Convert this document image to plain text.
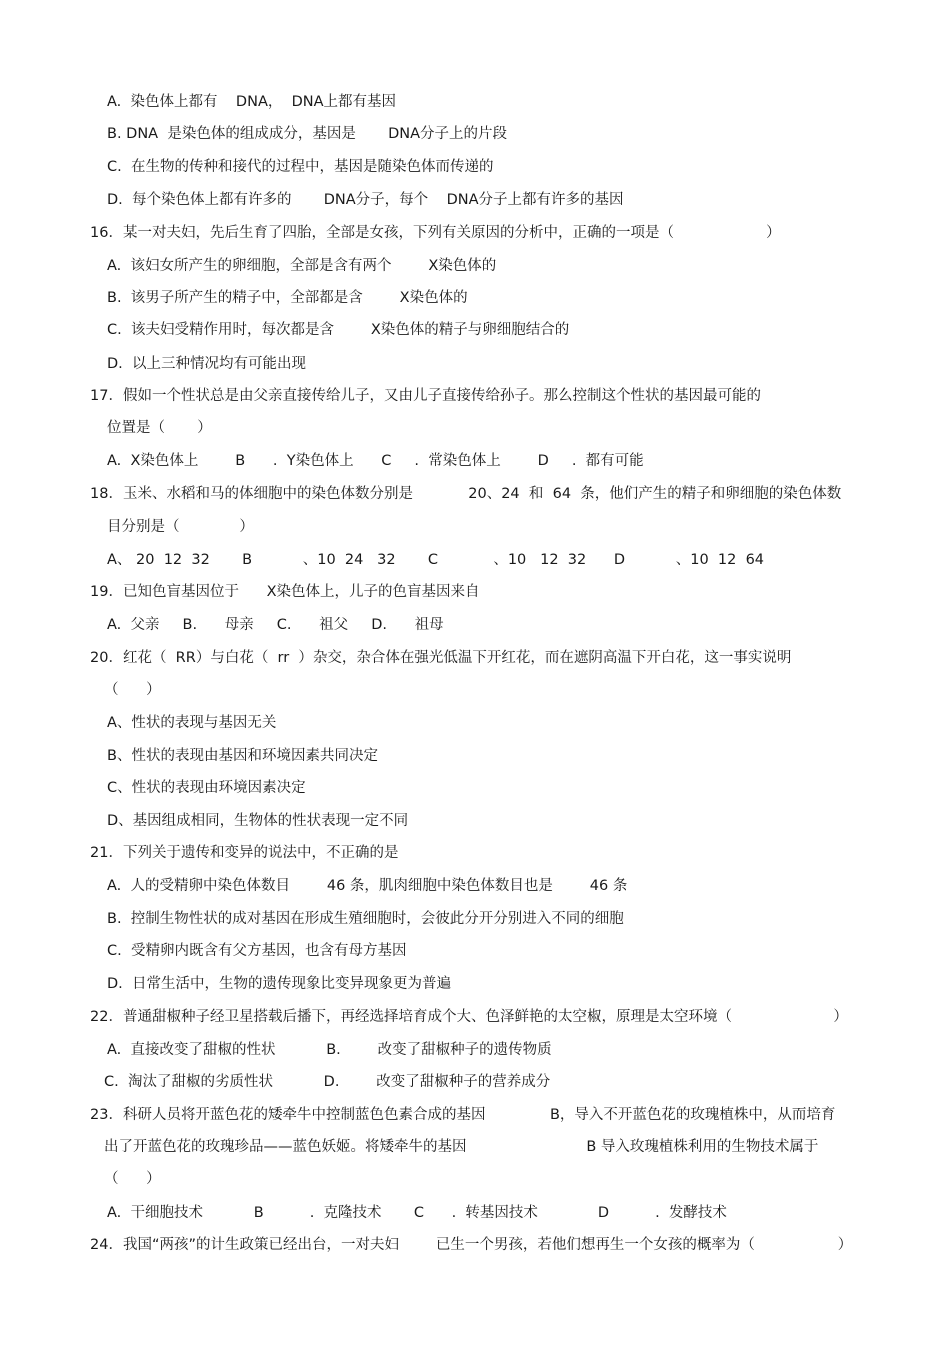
A.  染色体上都有    DNA，  DNA上都有基因
B. DNA  是染色体的组成成分，基因是       DNA分子上的片段
C.  在生物的传种和接代的过程中，基因是随染色体而传递的
D.  每个染色体上都有许多的       DNA分子，每个    DNA分子上都有许多的基因
16．某一对夫妇，先后生育了四胎，全部是女孩，下列有关原因的分析中，正确的一项是（                    ）
A.  该妇女所产生的卵细胞，全部是含有两个        X染色体的
B.  该男子所产生的精子中，全部都是含        X染色体的
C.  该夫妇受精作用时，每次都是含        X染色体的精子与卵细胞结合的
D.  以上三种情况均有可能出现
17．假如一个性状总是由父亲直接传给儿子，又由儿子直接传给孙子。那么控制这个性状的基因最可能的
位置是（       ）
A.  X染色体上        B      .  Y染色体上      C     .  常染色体上        D     .  都有可能
18．玉米、水稻和马的体细胞中的染色体数分别是            20、24  和  64  条，他们产生的精子和卵细胞的染色体数
目分别是（             ）
A、 20  12  32       B           、10  24   32       C            、10   12  32      D           、10  12  64
19．已知色盲基因位于      X染色体上，儿子的色盲基因来自
A.  父亲     B.      母亲     C.      祖父     D.      祖母
20．红花（  RR）与白花（  rr  ）杂交，杂合体在强光低温下开红花，而在遮阴高温下开白花，这一事实说明
（      ）
A、性状的表现与基因无关
B、性状的表现由基因和环境因素共同决定
C、性状的表现由环境因素决定
D、基因组成相同，生物体的性状表现一定不同
21．下列关于遗传和变异的说法中，不正确的是
A.  人的受精卵中染色体数目        46 条，肌肉细胞中染色体数目也是        46 条
B.  控制生物性状的成对基因在形成生殖细胞时，会彼此分开分别进入不同的细胞
C.  受精卵内既含有父方基因，也含有母方基因
D.  日常生活中，生物的遗传现象比变异现象更为普遍
22．普通甜椒种子经卫星搭载后播下，再经选择培育成个大、色泽鲜艳的太空椒，原理是太空环境（                      ）
A.  直接改变了甜椒的性状           B.        改变了甜椒种子的遗传物质
C.  淘汰了甜椒的劣质性状           D.        改变了甜椒种子的营养成分
23．科研人员将开蓝色花的矮牵牛中控制蓝色色素合成的基因              B，导入不开蓝色花的玫瑰植株中，从而培育
出了开蓝色花的玫瑰珍品——蓝色妖姬。将矮牵牛的基因                          B 导入玫瑰植株利用的生物技术属于
（      ）
A.  干细胞技术           B          .  克隆技术       C      .  转基因技术             D          .  发酵技术
24．我国“两孩”的计生政策已经出台，一对夫妇        已生一个男孩，若他们想再生一个女孩的概率为（                  ）
